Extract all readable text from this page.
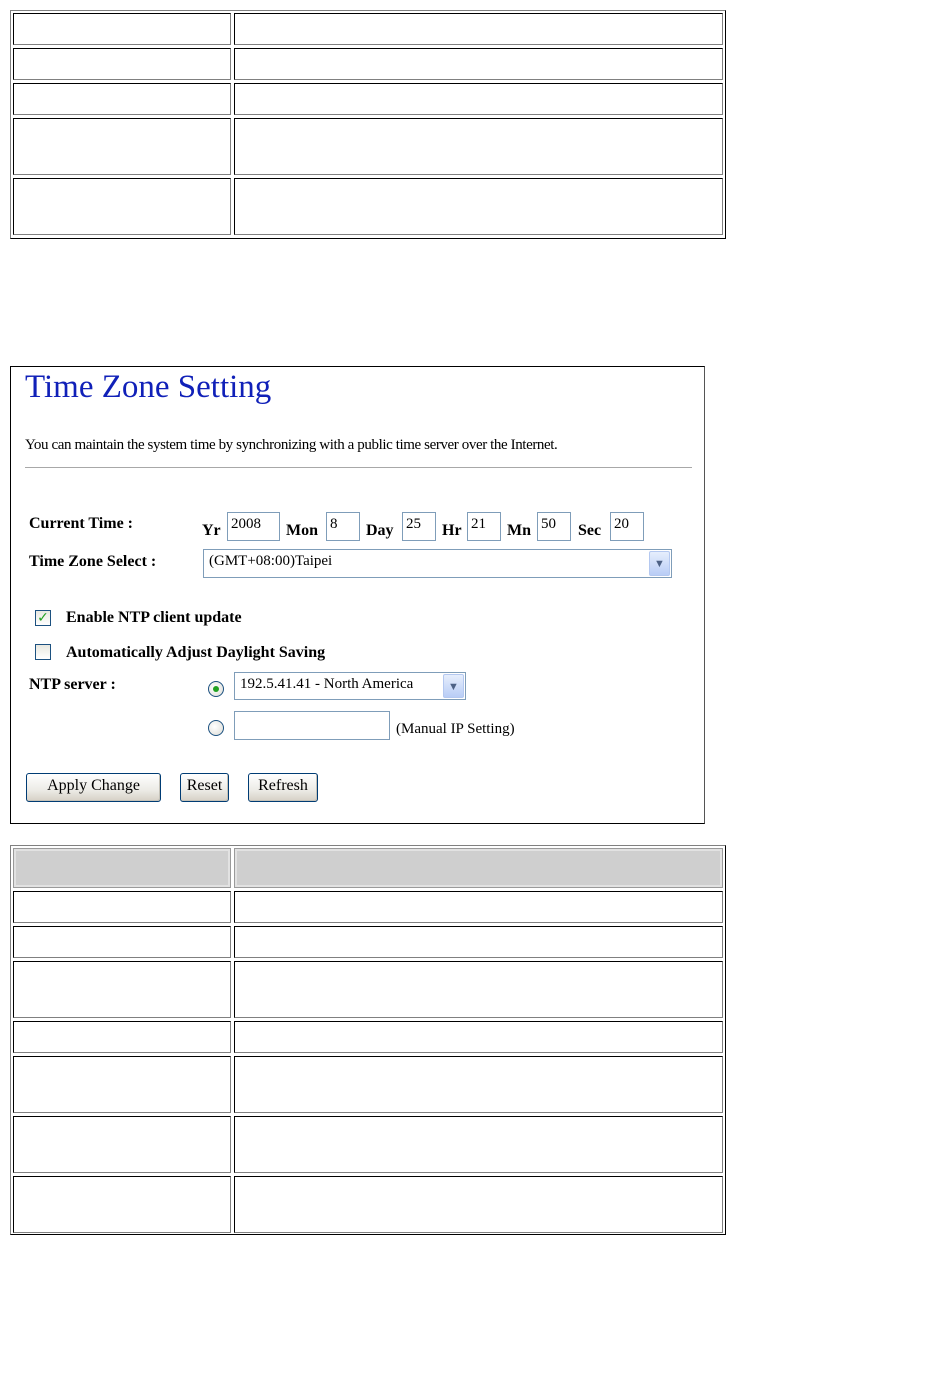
Time Zone Setting
You can maintain the system time by synchronizing with a public time server over the Internet.
Current Time :	Yr 2008	Mon 8	Day 25	Hr 21	Mn 50	Sec 20
Time Zone Select :	(GMT+08:00)Taipei	▼
✓ Enable NTP client update
Automatically Adjust Daylight Saving
NTP server :	192.5.41.41 - North America	▼
(Manual IP Setting)
Apply Change	Reset	Refresh
